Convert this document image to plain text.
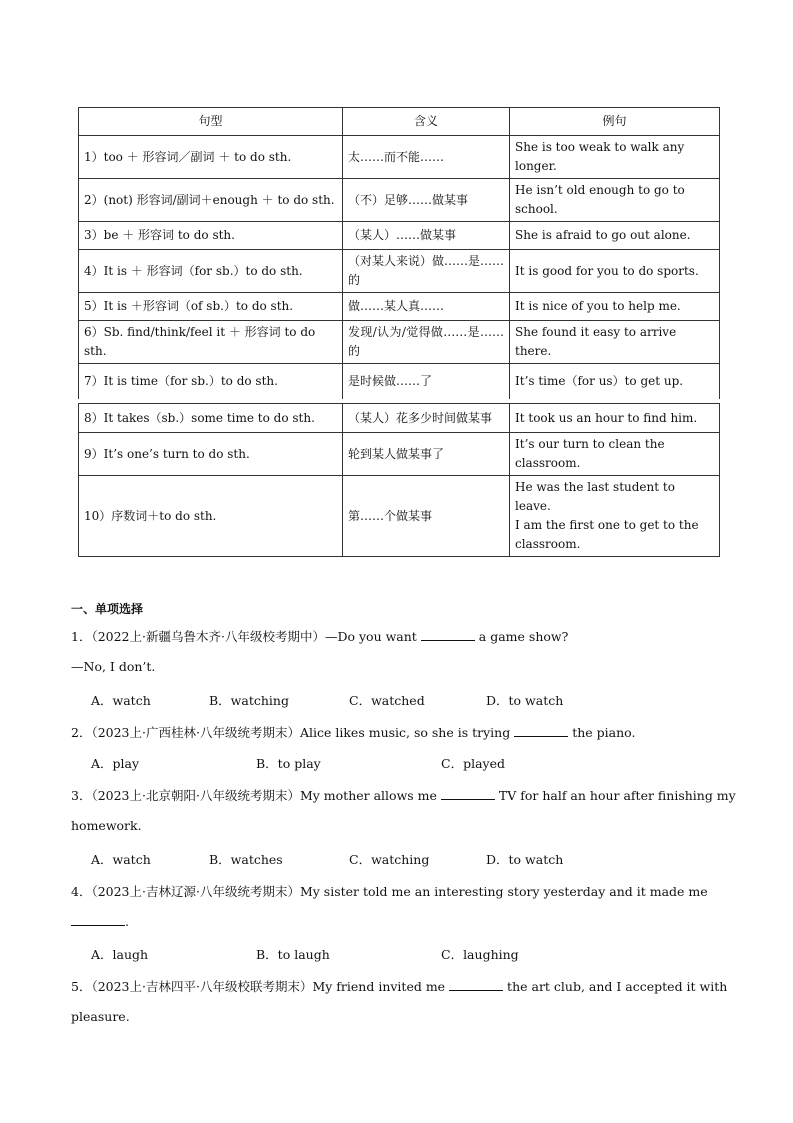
句型	含义	例句
1）too ＋ 形容词／副词 ＋ to do sth.	太……而不能……	She is too weak to walk any longer.
2）(not) 形容词/副词＋enough ＋ to do sth.	（不）足够……做某事	He isn’t old enough to go to school.
3）be ＋ 形容词 to do sth.	（某人）……做某事	She is afraid to go out alone.
4）It is ＋ 形容词（for sb.）to do sth.	（对某人来说）做……是……的	It is good for you to do sports.
5）It is ＋形容词（of sb.）to do sth.	做……某人真……	It is nice of you to help me.
6）Sb. find/think/feel it ＋ 形容词 to do sth.	发现/认为/觉得做……是……的	She found it easy to arrive there.
7）It is time（for sb.）to do sth.	是时候做……了	It’s time（for us）to get up.
8）It takes（sb.）some time to do sth.	（某人）花多少时间做某事	It took us an hour to find him.
9）It’s one’s turn to do sth.	轮到某人做某事了	It’s our turn to clean the classroom.
10）序数词＋to do sth.	第……个做某事	He was the last student to leave.
I am the first one to get to the classroom.
一、单项选择
1．（2022上·新疆乌鲁木齐·八年级校考期中）—Do you want	a game show?
—No, I don’t.
A．watch	B．watching	C．watched	D．to watch
2．（2023上·广西桂林·八年级统考期末）Alice likes music, so she is trying	the piano.
A．play	B．to play	C．played
3．（2023上·北京朝阳·八年级统考期末）My mother allows me	TV for half an hour after finishing my
homework.
A．watch	B．watches	C．watching	D．to watch
4．（2023上·吉林辽源·八年级统考期末）My sister told me an interesting story yesterday and it made me
.
A．laugh	B．to laugh	C．laughing
5．（2023上·吉林四平·八年级校联考期末）My friend invited me	the art club, and I accepted it with
pleasure.
